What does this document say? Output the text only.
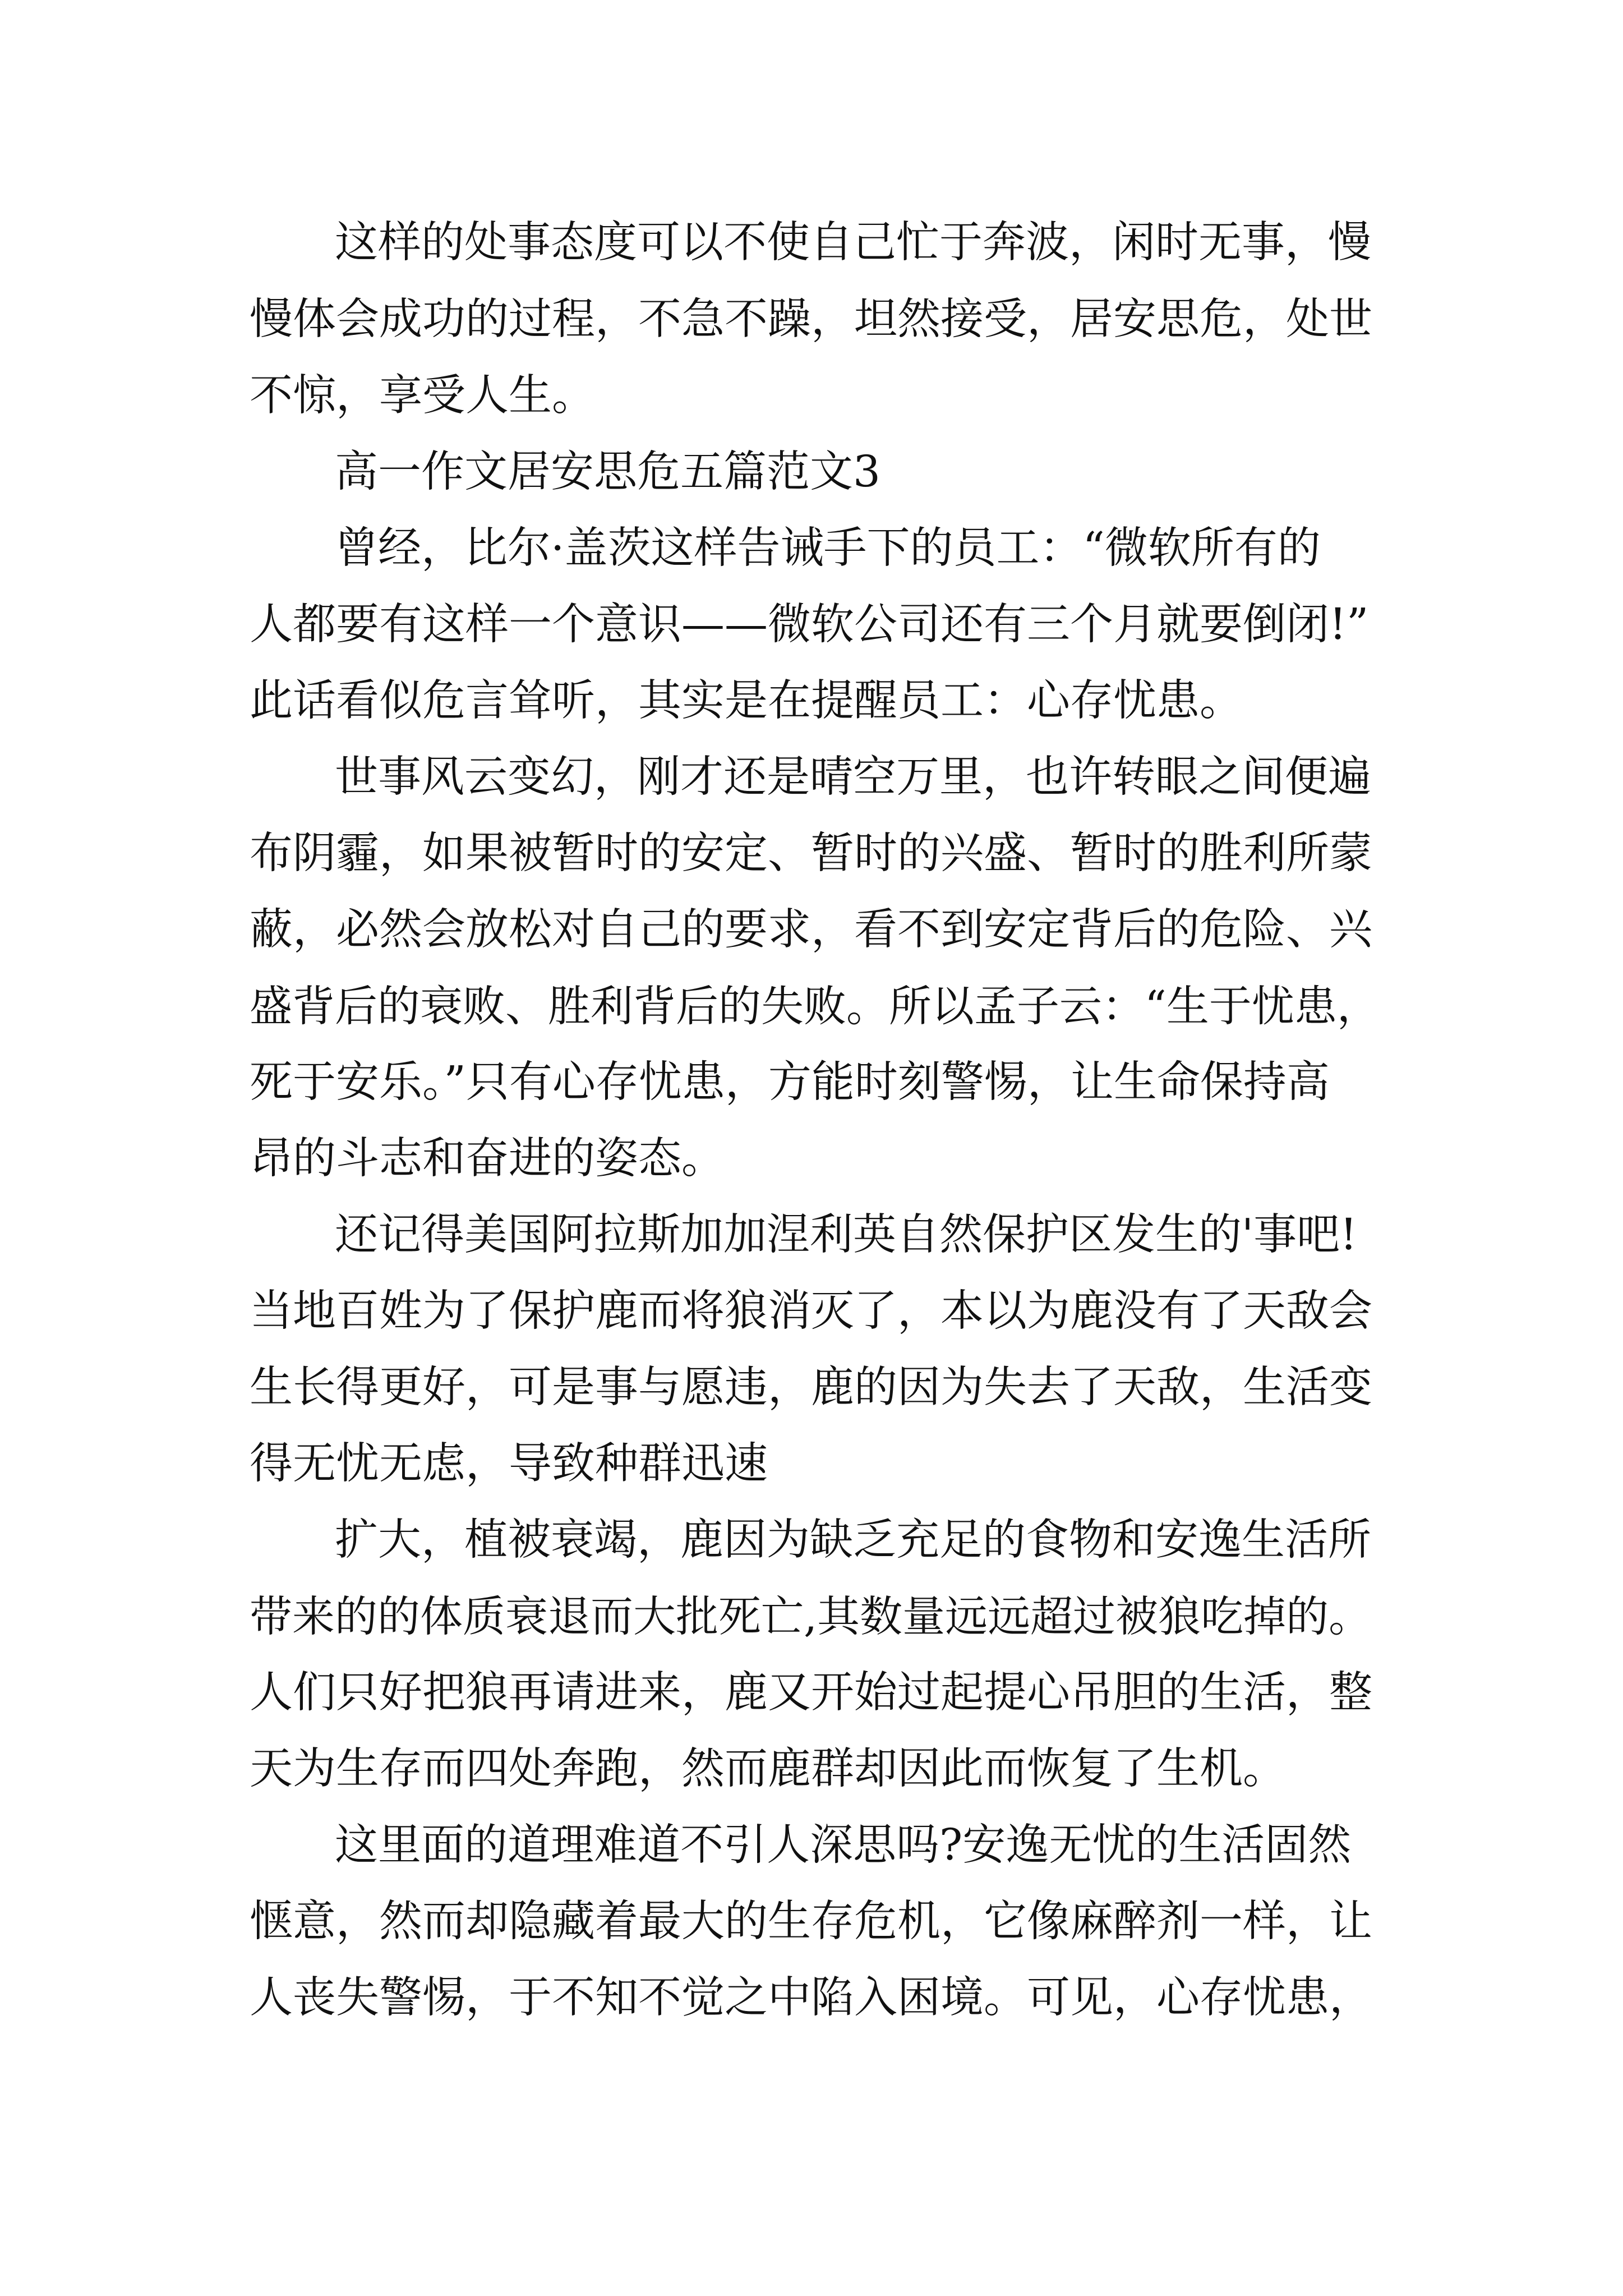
这样的处事态度可以不使自己忙于奔波，闲时无事，慢

慢体会成功的过程，不急不躁，坦然接受，居安思危，处世

不惊，享受人生。

高一作文居安思危五篇范文3

曾经，比尔·盖茨这样告诫手下的员工：“微软所有的

人都要有这样一个意识——微软公司还有三个月就要倒闭!”

此话看似危言耸听，其实是在提醒员工：心存忧患。

世事风云变幻，刚才还是晴空万里，也许转眼之间便遍

布阴霾，如果被暂时的安定、暂时的兴盛、暂时的胜利所蒙

蔽，必然会放松对自己的要求，看不到安定背后的危险、兴

盛背后的衰败、胜利背后的失败。所以孟子云：“生于忧患，

死于安乐。”只有心存忧患，方能时刻警惕，让生命保持高

昂的斗志和奋进的姿态。

还记得美国阿拉斯加加涅利英自然保护区发生的'事吧!

当地百姓为了保护鹿而将狼消灭了，本以为鹿没有了天敌会

生长得更好，可是事与愿违，鹿的因为失去了天敌，生活变

得无忧无虑，导致种群迅速

扩大，植被衰竭，鹿因为缺乏充足的食物和安逸生活所

带来的的体质衰退而大批死亡,其数量远远超过被狼吃掉的。

人们只好把狼再请进来，鹿又开始过起提心吊胆的生活，整

天为生存而四处奔跑，然而鹿群却因此而恢复了生机。

这里面的道理难道不引人深思吗?安逸无忧的生活固然

惬意，然而却隐藏着最大的生存危机，它像麻醉剂一样，让

人丧失警惕，于不知不觉之中陷入困境。可见，心存忧患，
